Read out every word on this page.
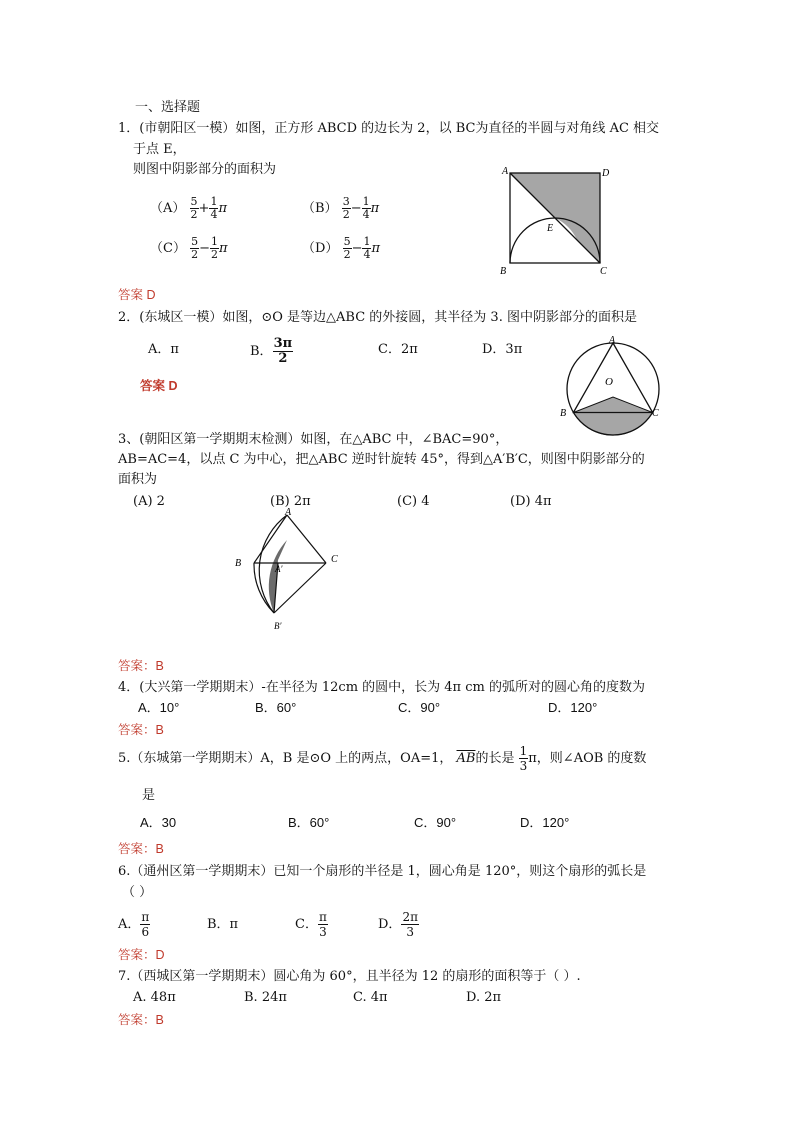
一、选择题
1．(市朝阳区一模）如图，正方形 ABCD 的边长为 2，以 BC为直径的半圆与对角线 AC 相交
于点 E，
则图中阴影部分的面积为
$(A) \frac{5}{2} + \frac{1}{4}$ π	$(B) \frac{3}{2} - \frac{1}{4}$ π
$(C) \frac{5}{2} - \frac{1}{2}$ π	$(D) \frac{5}{2} - \frac{1}{4}$ π
答案 D
A	D
B	C
E
2．(东城区一模）如图，⊙O 是等边△ABC 的外接圆，其半径为 3. 图中阴影部分的面积是
A．π	B． $\frac{3\pi}{2}$	C．2π	D．3π
答案 D
A
B	C
O
3、(朝阳区第一学期期末检测）如图，在△ABC 中，∠BAC=90°，
AB=AC=4，以点 C 为中心，把△ABC 逆时针旋转 45°，得到△A′B′C，则图中阴影部分的
面积为
(A) 2	(B) 2π	(C) 4	(D) 4π
A
B	C
A′
B′
答案：B
4．(大兴第一学期期末）-在半径为 12cm 的圆中，长为 4π cm 的弧所对的圆心角的度数为
A．10°	B．60°	C．90°	D．120°
答案：B
5.（东城第一学期期末）A，B 是⊙O 上的两点，OA=1， $\overline{AB}$的长是 $\frac{1}{3}$ π，则∠AOB 的度数
是
A．30	B．60°	C．90°	D．120°
答案：B
6.（通州区第一学期期末）已知一个扇形的半径是 1，圆心角是 120°，则这个扇形的弧长是
（ ）
A． $\frac{\pi}{6}$	B．π	C． $\frac{\pi}{3}$	D． $\frac{2\pi}{3}$
答案：D
7.（西城区第一学期期末）圆心角为 60°，且半径为 12 的扇形的面积等于（ ）.
A. 48π	B. 24π	C. 4π	D. 2π
答案：B
